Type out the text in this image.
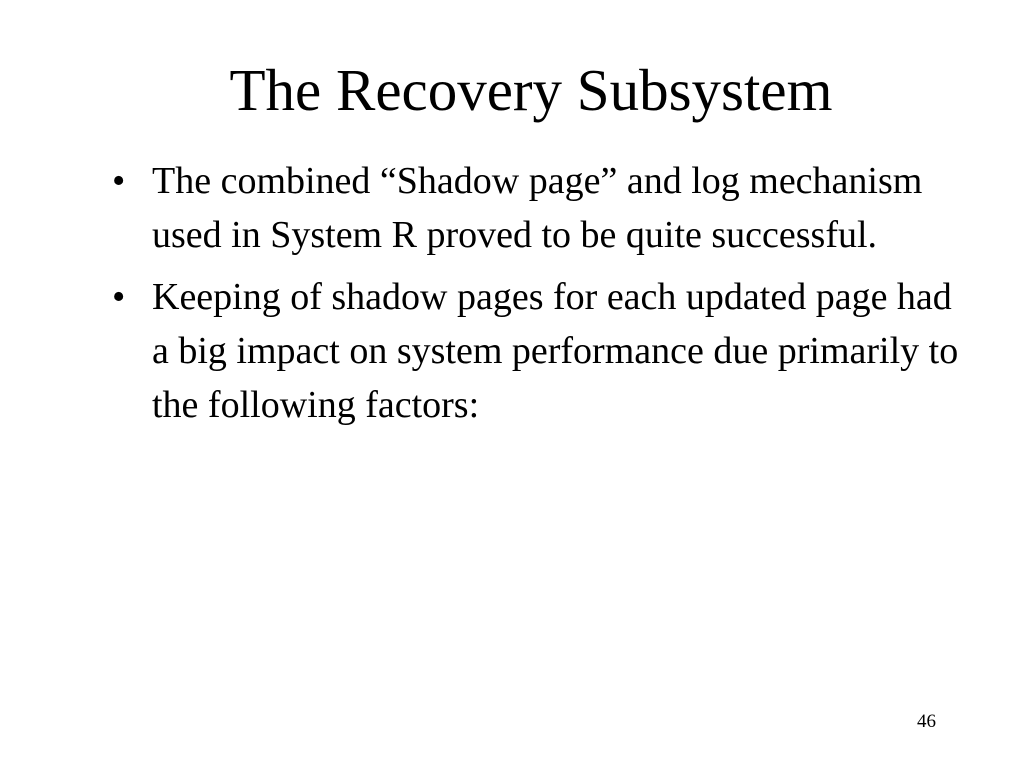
The Recovery Subsystem
• The combined “Shadow page” and log mechanism used in System R proved to be quite successful.
• Keeping of shadow pages for each updated page had a big impact on system performance due primarily to the following factors:
46
